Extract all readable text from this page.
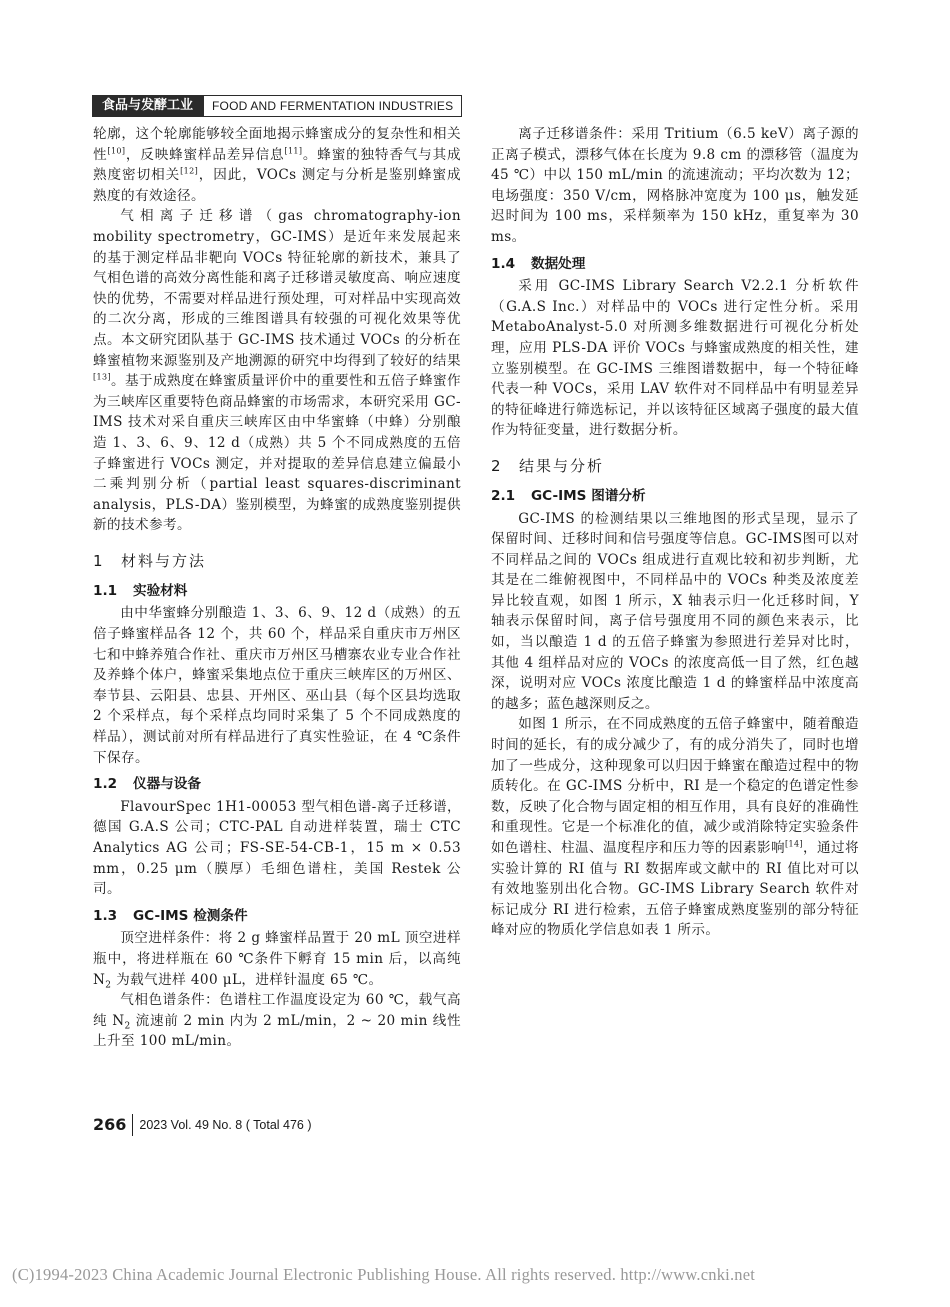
食品与发酵工业	FOOD AND FERMENTATION INDUSTRIES

轮廓，这个轮廓能够较全面地揭示蜂蜜成分的复杂性和相关性[10]，反映蜂蜜样品差异信息[11]。蜂蜜的独特香气与其成熟度密切相关[12]，因此，VOCs 测定与分析是鉴别蜂蜜成熟度的有效途径。

气相离子迁移谱（gas chromatography-ion mobility spectrometry，GC-IMS）是近年来发展起来的基于测定样品非靶向 VOCs 特征轮廓的新技术，兼具了气相色谱的高效分离性能和离子迁移谱灵敏度高、响应速度快的优势，不需要对样品进行预处理，可对样品中实现高效的二次分离，形成的三维图谱具有较强的可视化效果等优点。本文研究团队基于 GC-IMS 技术通过 VOCs 的分析在蜂蜜植物来源鉴别及产地溯源的研究中均得到了较好的结果[13]。基于成熟度在蜂蜜质量评价中的重要性和五倍子蜂蜜作为三峡库区重要特色商品蜂蜜的市场需求，本研究采用 GC-IMS 技术对采自重庆三峡库区由中华蜜蜂（中蜂）分别酿造 1、3、6、9、12 d（成熟）共 5 个不同成熟度的五倍子蜂蜜进行 VOCs 测定，并对提取的差异信息建立偏最小二乘判别分析（partial least squares-discriminant analysis，PLS-DA）鉴别模型，为蜂蜜的成熟度鉴别提供新的技术参考。

1 材料与方法
1.1 实验材料

由中华蜜蜂分别酿造 1、3、6、9、12 d（成熟）的五倍子蜂蜜样品各 12 个，共 60 个，样品采自重庆市万州区七和中蜂养殖合作社、重庆市万州区马槽寨农业专业合作社及养蜂个体户，蜂蜜采集地点位于重庆三峡库区的万州区、奉节县、云阳县、忠县、开州区、巫山县（每个区县均选取 2 个采样点，每个采样点均同时采集了 5 个不同成熟度的样品），测试前对所有样品进行了真实性验证，在 4 ℃条件下保存。

1.2 仪器与设备

FlavourSpec 1H1-00053 型气相色谱-离子迁移谱，德国 G.A.S 公司；CTC-PAL 自动进样装置，瑞士 CTC Analytics AG 公司；FS-SE-54-CB-1，15 m × 0.53 mm，0.25 μm（膜厚）毛细色谱柱，美国 Restek 公司。

1.3 GC-IMS 检测条件

顶空进样条件：将 2 g 蜂蜜样品置于 20 mL 顶空进样瓶中，将进样瓶在 60 ℃条件下孵育 15 min 后，以高纯 $N_2$ 为载气进样 400 μL，进样针温度 65 ℃。

气相色谱条件：色谱柱工作温度设定为 60 ℃，载气高纯 $N_2$ 流速前 2 min 内为 2 mL/min，2 ~ 20 min 线性上升至 100 mL/min。

离子迁移谱条件：采用 Tritium（6.5 keV）离子源的正离子模式，漂移气体在长度为 9.8 cm 的漂移管（温度为 45 ℃）中以 150 mL/min 的流速流动；平均次数为 12；电场强度：350 V/cm，网格脉冲宽度为 100 μs，触发延迟时间为 100 ms，采样频率为 150 kHz，重复率为 30 ms。

1.4 数据处理

采用 GC-IMS Library Search V2.2.1 分析软件（G.A.S Inc.）对样品中的 VOCs 进行定性分析。采用 MetaboAnalyst-5.0 对所测多维数据进行可视化分析处理，应用 PLS-DA 评价 VOCs 与蜂蜜成熟度的相关性，建立鉴别模型。在 GC-IMS 三维图谱数据中，每一个特征峰代表一种 VOCs，采用 LAV 软件对不同样品中有明显差异的特征峰进行筛选标记，并以该特征区域离子强度的最大值作为特征变量，进行数据分析。

2 结果与分析
2.1 GC-IMS 图谱分析

GC-IMS 的检测结果以三维地图的形式呈现，显示了保留时间、迁移时间和信号强度等信息。GC-IMS图可以对不同样品之间的 VOCs 组成进行直观比较和初步判断，尤其是在二维俯视图中，不同样品中的 VOCs 种类及浓度差异比较直观，如图 1 所示，X 轴表示归一化迁移时间，Y 轴表示保留时间，离子信号强度用不同的颜色来表示，比如，当以酿造 1 d 的五倍子蜂蜜为参照进行差异对比时，其他 4 组样品对应的 VOCs 的浓度高低一目了然，红色越深，说明对应 VOCs 浓度比酿造 1 d 的蜂蜜样品中浓度高的越多；蓝色越深则反之。

如图 1 所示，在不同成熟度的五倍子蜂蜜中，随着酿造时间的延长，有的成分减少了，有的成分消失了，同时也增加了一些成分，这种现象可以归因于蜂蜜在酿造过程中的物质转化。在 GC-IMS 分析中，RI 是一个稳定的色谱定性参数，反映了化合物与固定相的相互作用，具有良好的准确性和重现性。它是一个标准化的值，减少或消除特定实验条件如色谱柱、柱温、温度程序和压力等的因素影响[14]，通过将实验计算的 RI 值与 RI 数据库或文献中的 RI 值比对可以有效地鉴别出化合物。GC-IMS Library Search 软件对标记成分 RI 进行检索，五倍子蜂蜜成熟度鉴别的部分特征峰对应的物质化学信息如表 1 所示。

266	2023 Vol. 49 No. 8 ( Total 476 )
(C)1994-2023 China Academic Journal Electronic Publishing House. All rights reserved. http://www.cnki.net
